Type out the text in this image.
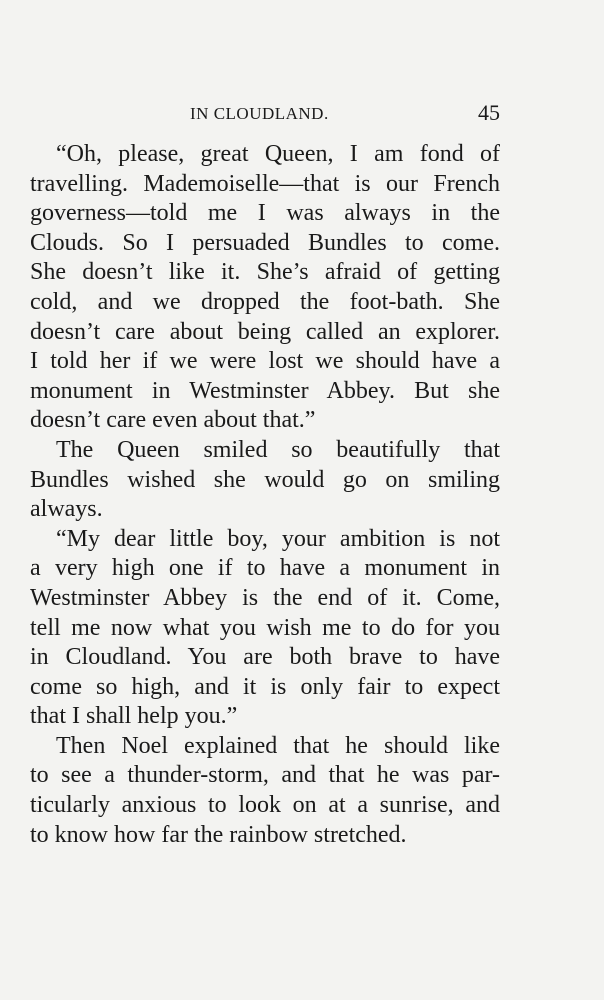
IN CLOUDLAND.	45

“Oh, please, great Queen, I am fond of
travelling. Mademoiselle—that is our French
governess—told me I was always in the
Clouds. So I persuaded Bundles to come.
She doesn’t like it. She’s afraid of getting
cold, and we dropped the foot-bath. She
doesn’t care about being called an explorer.
I told her if we were lost we should have a
monument in Westminster Abbey. But she
doesn’t care even about that.”

The Queen smiled so beautifully that
Bundles wished she would go on smiling
always.

“My dear little boy, your ambition is not
a very high one if to have a monument in
Westminster Abbey is the end of it. Come,
tell me now what you wish me to do for you
in Cloudland. You are both brave to have
come so high, and it is only fair to expect
that I shall help you.”

Then Noel explained that he should like
to see a thunder-storm, and that he was par-
ticularly anxious to look on at a sunrise, and
to know how far the rainbow stretched.
